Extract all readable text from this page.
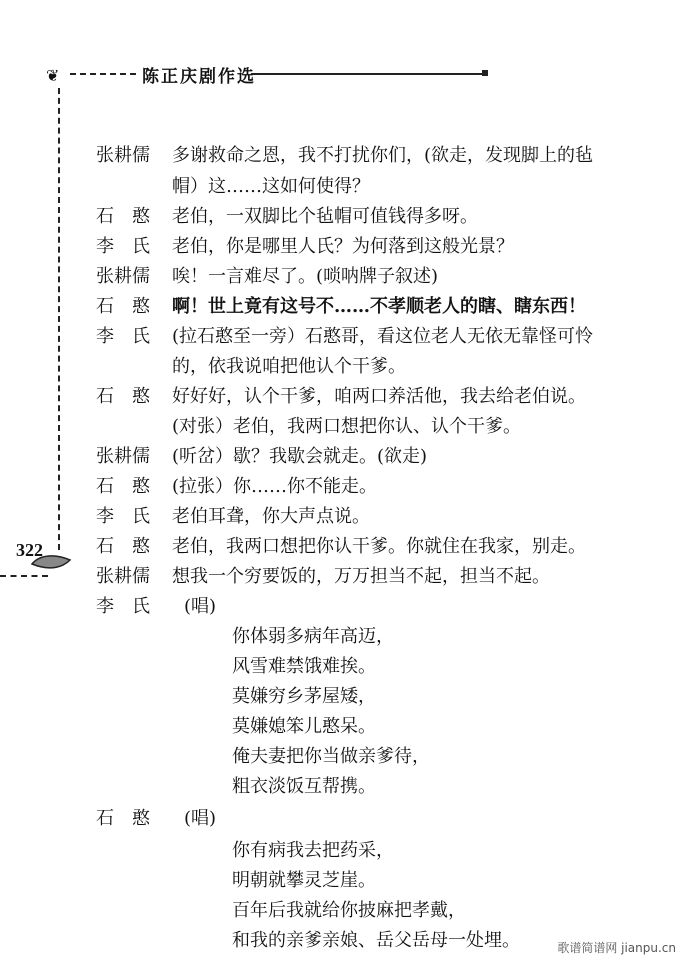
❦	陈正庆剧作选
322
张耕儒	多谢救命之恩，我不打扰你们，(欲走，发现脚上的毡
帽）这……这如何使得？
石　憨	老伯，一双脚比个毡帽可值钱得多呀。
李　氏	老伯，你是哪里人氏？为何落到这般光景？
张耕儒	唉！一言难尽了。(唢呐牌子叙述)
石　憨	啊！世上竟有这号不……不孝顺老人的瞎、瞎东西！
李　氏	(拉石憨至一旁）石憨哥，看这位老人无依无靠怪可怜
的，依我说咱把他认个干爹。
石　憨	好好好，认个干爹，咱两口养活他，我去给老伯说。
(对张）老伯，我两口想把你认、认个干爹。
张耕儒	(听岔）歇？我歇会就走。(欲走)
石　憨	(拉张）你……你不能走。
李　氏	老伯耳聋，你大声点说。
石　憨	老伯，我两口想把你认干爹。你就住在我家，别走。
张耕儒	想我一个穷要饭的，万万担当不起，担当不起。
李　氏	(唱)
你体弱多病年高迈，
风雪难禁饿难挨。
莫嫌穷乡茅屋矮，
莫嫌媳笨儿憨呆。
俺夫妻把你当做亲爹待，
粗衣淡饭互帮携。
石　憨	(唱)
你有病我去把药采，
明朝就攀灵芝崖。
百年后我就给你披麻把孝戴，
和我的亲爹亲娘、岳父岳母一处埋。	歌谱简谱网 jianpu.cn
